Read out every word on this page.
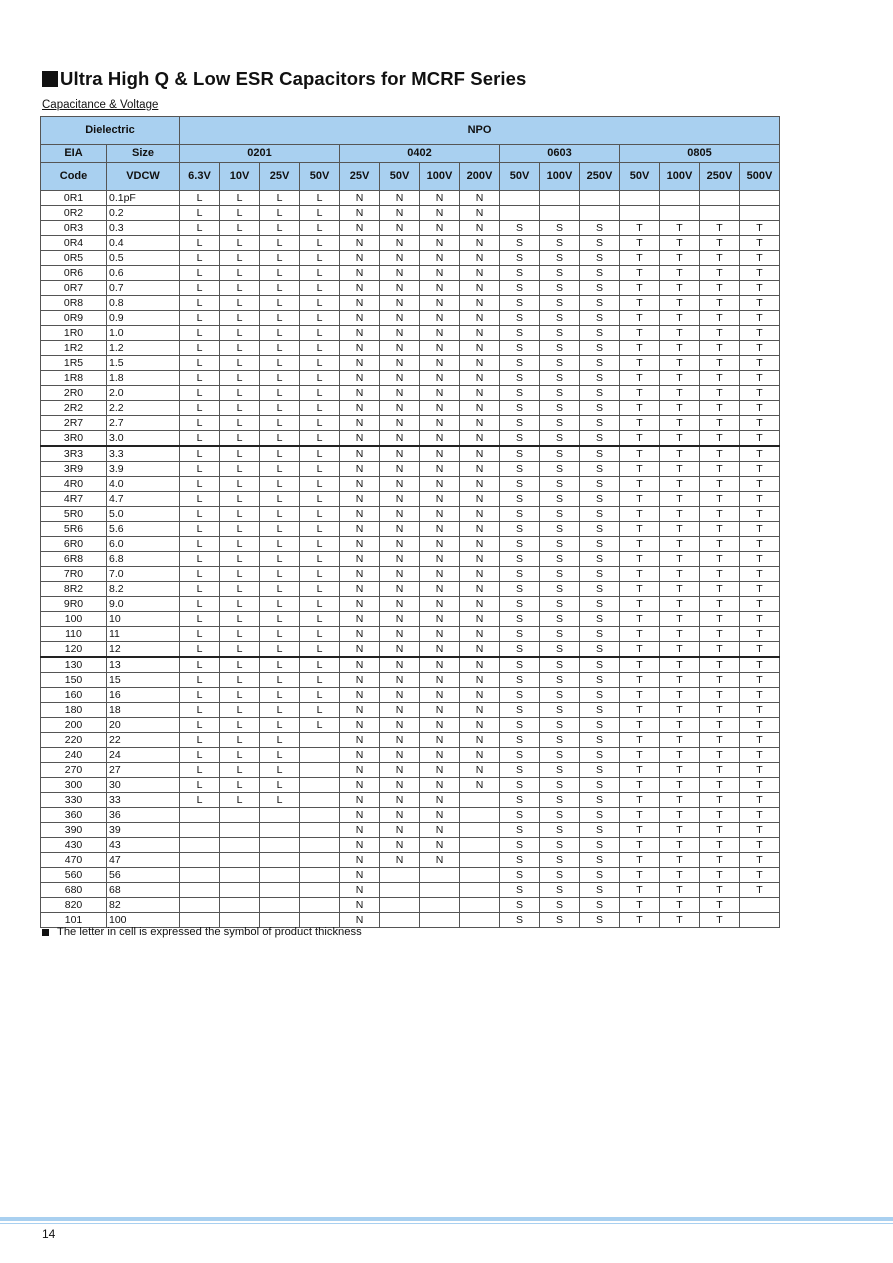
Ultra High Q & Low ESR Capacitors for MCRF Series
Capacitance & Voltage
Dielectric		NPO														
EIA	Size	0201				0402				0603			0805			
Code	VDCW	6.3V	10V	25V	50V	25V	50V	100V	200V	50V	100V	250V	50V	100V	250V	500V
0R1	0.1pF	L	L	L	L	N	N	N	N							
0R2	0.2	L	L	L	L	N	N	N	N							
0R3	0.3	L	L	L	L	N	N	N	N	S	S	S	T	T	T	T
0R4	0.4	L	L	L	L	N	N	N	N	S	S	S	T	T	T	T
0R5	0.5	L	L	L	L	N	N	N	N	S	S	S	T	T	T	T
0R6	0.6	L	L	L	L	N	N	N	N	S	S	S	T	T	T	T
0R7	0.7	L	L	L	L	N	N	N	N	S	S	S	T	T	T	T
0R8	0.8	L	L	L	L	N	N	N	N	S	S	S	T	T	T	T
0R9	0.9	L	L	L	L	N	N	N	N	S	S	S	T	T	T	T
1R0	1.0	L	L	L	L	N	N	N	N	S	S	S	T	T	T	T
1R2	1.2	L	L	L	L	N	N	N	N	S	S	S	T	T	T	T
1R5	1.5	L	L	L	L	N	N	N	N	S	S	S	T	T	T	T
1R8	1.8	L	L	L	L	N	N	N	N	S	S	S	T	T	T	T
2R0	2.0	L	L	L	L	N	N	N	N	S	S	S	T	T	T	T
2R2	2.2	L	L	L	L	N	N	N	N	S	S	S	T	T	T	T
2R7	2.7	L	L	L	L	N	N	N	N	S	S	S	T	T	T	T
3R0	3.0	L	L	L	L	N	N	N	N	S	S	S	T	T	T	T
3R3	3.3	L	L	L	L	N	N	N	N	S	S	S	T	T	T	T
3R9	3.9	L	L	L	L	N	N	N	N	S	S	S	T	T	T	T
4R0	4.0	L	L	L	L	N	N	N	N	S	S	S	T	T	T	T
4R7	4.7	L	L	L	L	N	N	N	N	S	S	S	T	T	T	T
5R0	5.0	L	L	L	L	N	N	N	N	S	S	S	T	T	T	T
5R6	5.6	L	L	L	L	N	N	N	N	S	S	S	T	T	T	T
6R0	6.0	L	L	L	L	N	N	N	N	S	S	S	T	T	T	T
6R8	6.8	L	L	L	L	N	N	N	N	S	S	S	T	T	T	T
7R0	7.0	L	L	L	L	N	N	N	N	S	S	S	T	T	T	T
8R2	8.2	L	L	L	L	N	N	N	N	S	S	S	T	T	T	T
9R0	9.0	L	L	L	L	N	N	N	N	S	S	S	T	T	T	T
100	10	L	L	L	L	N	N	N	N	S	S	S	T	T	T	T
110	11	L	L	L	L	N	N	N	N	S	S	S	T	T	T	T
120	12	L	L	L	L	N	N	N	N	S	S	S	T	T	T	T
130	13	L	L	L	L	N	N	N	N	S	S	S	T	T	T	T
150	15	L	L	L	L	N	N	N	N	S	S	S	T	T	T	T
160	16	L	L	L	L	N	N	N	N	S	S	S	T	T	T	T
180	18	L	L	L	L	N	N	N	N	S	S	S	T	T	T	T
200	20	L	L	L	L	N	N	N	N	S	S	S	T	T	T	T
220	22	L	L	L		N	N	N	N	S	S	S	T	T	T	T
240	24	L	L	L		N	N	N	N	S	S	S	T	T	T	T
270	27	L	L	L		N	N	N	N	S	S	S	T	T	T	T
300	30	L	L	L		N	N	N	N	S	S	S	T	T	T	T
330	33	L	L	L		N	N	N		S	S	S	T	T	T	T
360	36					N	N	N		S	S	S	T	T	T	T
390	39					N	N	N		S	S	S	T	T	T	T
430	43					N	N	N		S	S	S	T	T	T	T
470	47					N	N	N		S	S	S	T	T	T	T
560	56					N				S	S	S	T	T	T	T
680	68					N				S	S	S	T	T	T	T
820	82					N				S	S	S	T	T	T	
101	100					N				S	S	S	T	T	T	
The letter in cell is expressed the symbol of product thickness
14
